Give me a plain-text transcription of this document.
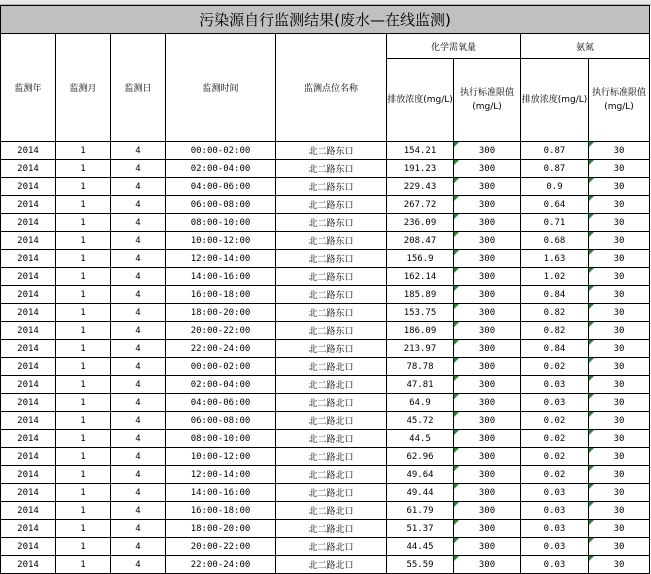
污染源自行监测结果(废水—在线监测)								
监测年	监测月	监测日	监测时间	监测点位名称	化学需氧量		氨氮	
					排放浓度(mg/L)	执行标准限值(mg/L)	排放浓度(mg/L)	执行标准限值(mg/L)
2014	1	4	00:00-02:00	北二路东口	154.21	300	0.87	30
2014	1	4	02:00-04:00	北二路东口	191.23	300	0.87	30
2014	1	4	04:00-06:00	北二路东口	229.43	300	0.9	30
2014	1	4	06:00-08:00	北二路东口	267.72	300	0.64	30
2014	1	4	08:00-10:00	北二路东口	236.09	300	0.71	30
2014	1	4	10:00-12:00	北二路东口	208.47	300	0.68	30
2014	1	4	12:00-14:00	北二路东口	156.9	300	1.63	30
2014	1	4	14:00-16:00	北二路东口	162.14	300	1.02	30
2014	1	4	16:00-18:00	北二路东口	185.89	300	0.84	30
2014	1	4	18:00-20:00	北二路东口	153.75	300	0.82	30
2014	1	4	20:00-22:00	北二路东口	186.09	300	0.82	30
2014	1	4	22:00-24:00	北二路东口	213.97	300	0.84	30
2014	1	4	00:00-02:00	北二路北口	78.78	300	0.02	30
2014	1	4	02:00-04:00	北二路北口	47.81	300	0.03	30
2014	1	4	04:00-06:00	北二路北口	64.9	300	0.03	30
2014	1	4	06:00-08:00	北二路北口	45.72	300	0.02	30
2014	1	4	08:00-10:00	北二路北口	44.5	300	0.02	30
2014	1	4	10:00-12:00	北二路北口	62.96	300	0.02	30
2014	1	4	12:00-14:00	北二路北口	49.64	300	0.02	30
2014	1	4	14:00-16:00	北二路北口	49.44	300	0.03	30
2014	1	4	16:00-18:00	北二路北口	61.79	300	0.03	30
2014	1	4	18:00-20:00	北二路北口	51.37	300	0.03	30
2014	1	4	20:00-22:00	北二路北口	44.45	300	0.03	30
2014	1	4	22:00-24:00	北二路北口	55.59	300	0.03	30
